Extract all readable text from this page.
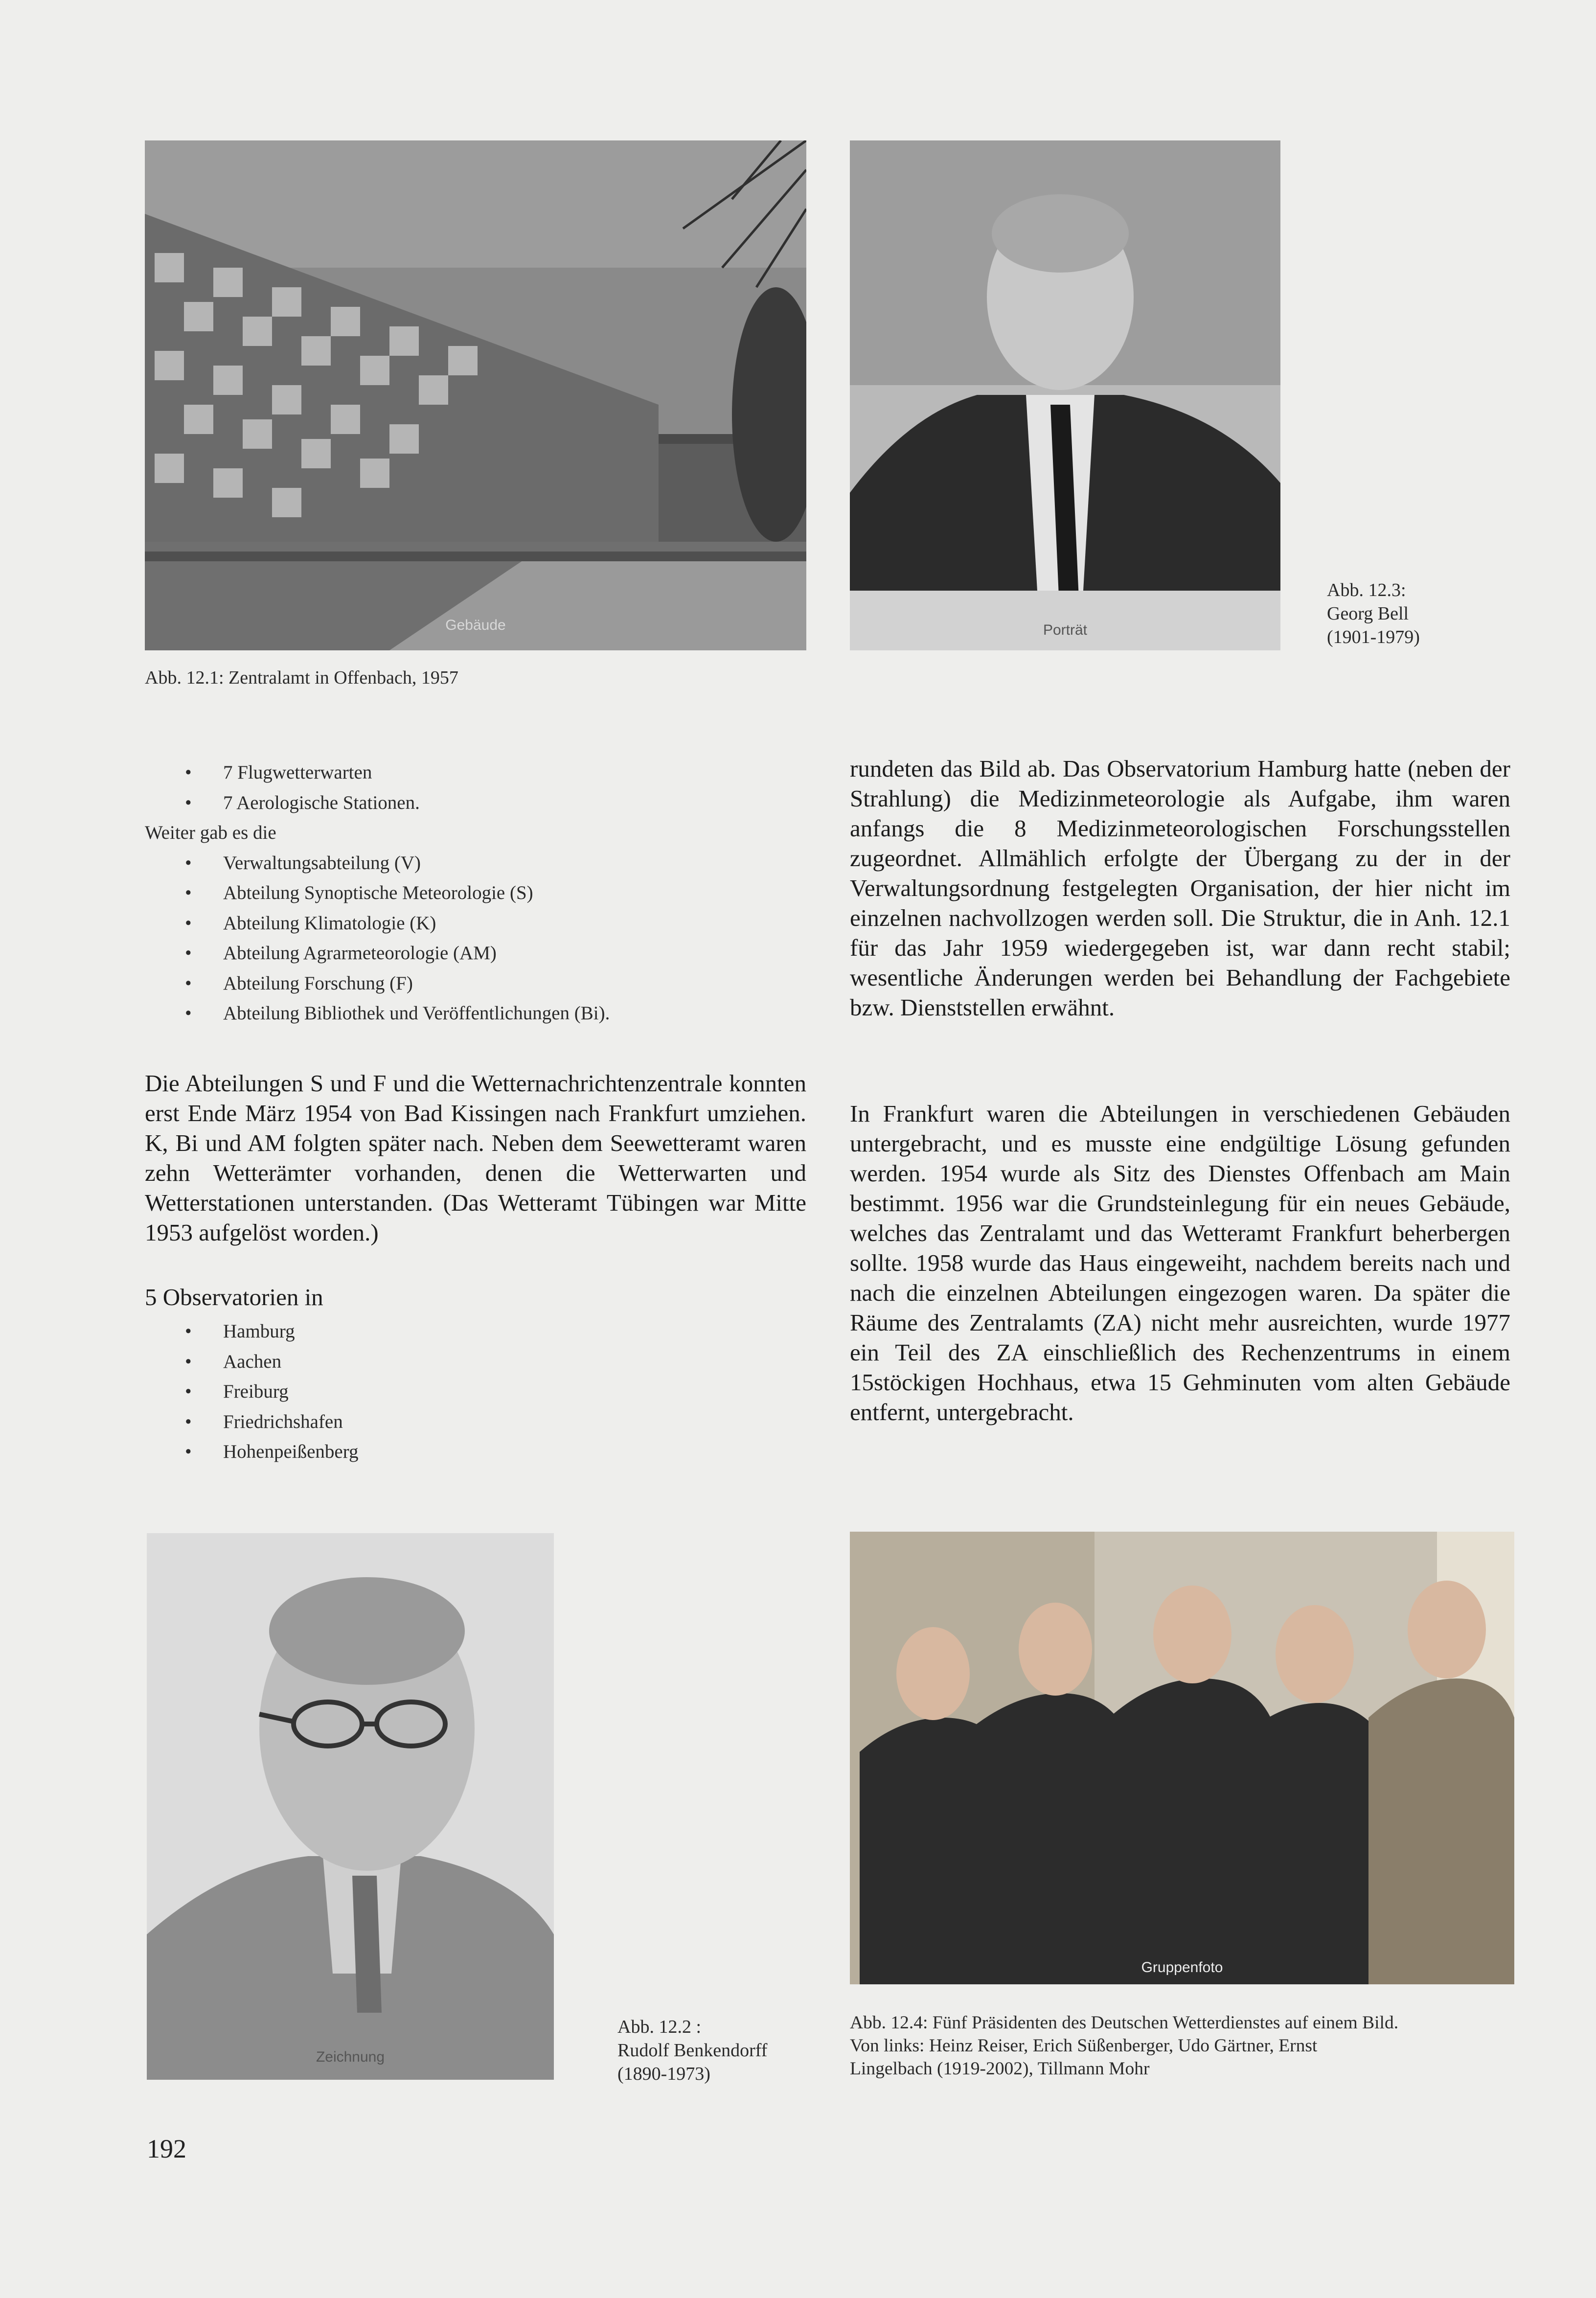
Gebäude
Abb. 12.1: Zentralamt in Offenbach, 1957
Porträt
Abb. 12.3:
Georg Bell
(1901-1979)
• 7 Flugwetterwarten
• 7 Aerologische Stationen.
Weiter gab es die
• Verwaltungsabteilung (V)
• Abteilung Synoptische Meteorologie (S)
• Abteilung Klimatologie (K)
• Abteilung Agrarmeteorologie (AM)
• Abteilung Forschung (F)
• Abteilung Bibliothek und Veröffentlichungen (Bi).

Die Abteilungen S und F und die Wetternachrichtenzentrale konnten erst Ende März 1954 von Bad Kissingen nach Frankfurt umziehen. K, Bi und AM folgten später nach. Neben dem Seewetteramt waren zehn Wetterämter vorhanden, denen die Wetterwarten und Wetterstationen unterstanden. (Das Wetteramt Tübingen war Mitte 1953 aufgelöst worden.)

5 Observatorien in
• Hamburg
• Aachen
• Freiburg
• Friedrichshafen
• Hohenpeißenberg

rundeten das Bild ab. Das Observatorium Hamburg hatte (neben der Strahlung) die Medizinmeteorologie als Aufgabe, ihm waren anfangs die 8 Medizinmeteorologischen Forschungsstellen zugeordnet. Allmählich erfolgte der Übergang zu der in der Verwaltungsordnung festgelegten Organisation, der hier nicht im einzelnen nachvollzogen werden soll. Die Struktur, die in Anh. 12.1 für das Jahr 1959 wiedergegeben ist, war dann recht stabil; wesentliche Änderungen werden bei Behandlung der Fachgebiete bzw. Dienststellen erwähnt.

In Frankfurt waren die Abteilungen in verschiedenen Gebäuden untergebracht, und es musste eine endgültige Lösung gefunden werden. 1954 wurde als Sitz des Dienstes Offenbach am Main bestimmt. 1956 war die Grundsteinlegung für ein neues Gebäude, welches das Zentralamt und das Wetteramt Frankfurt beherbergen sollte. 1958 wurde das Haus eingeweiht, nachdem bereits nach und nach die einzelnen Abteilungen eingezogen waren. Da später die Räume des Zentralamts (ZA) nicht mehr ausreichten, wurde 1977 ein Teil des ZA einschließlich des Rechenzentrums in einem 15stöckigen Hochhaus, etwa 15 Gehminuten vom alten Gebäude entfernt, untergebracht.

Zeichnung
Abb. 12.2 :
Rudolf Benkendorff
(1890-1973)
Gruppenfoto
Abb. 12.4: Fünf Präsidenten des Deutschen Wetterdienstes auf einem Bild.
Von links: Heinz Reiser, Erich Süßenberger, Udo Gärtner, Ernst
Lingelbach (1919-2002), Tillmann Mohr
192
